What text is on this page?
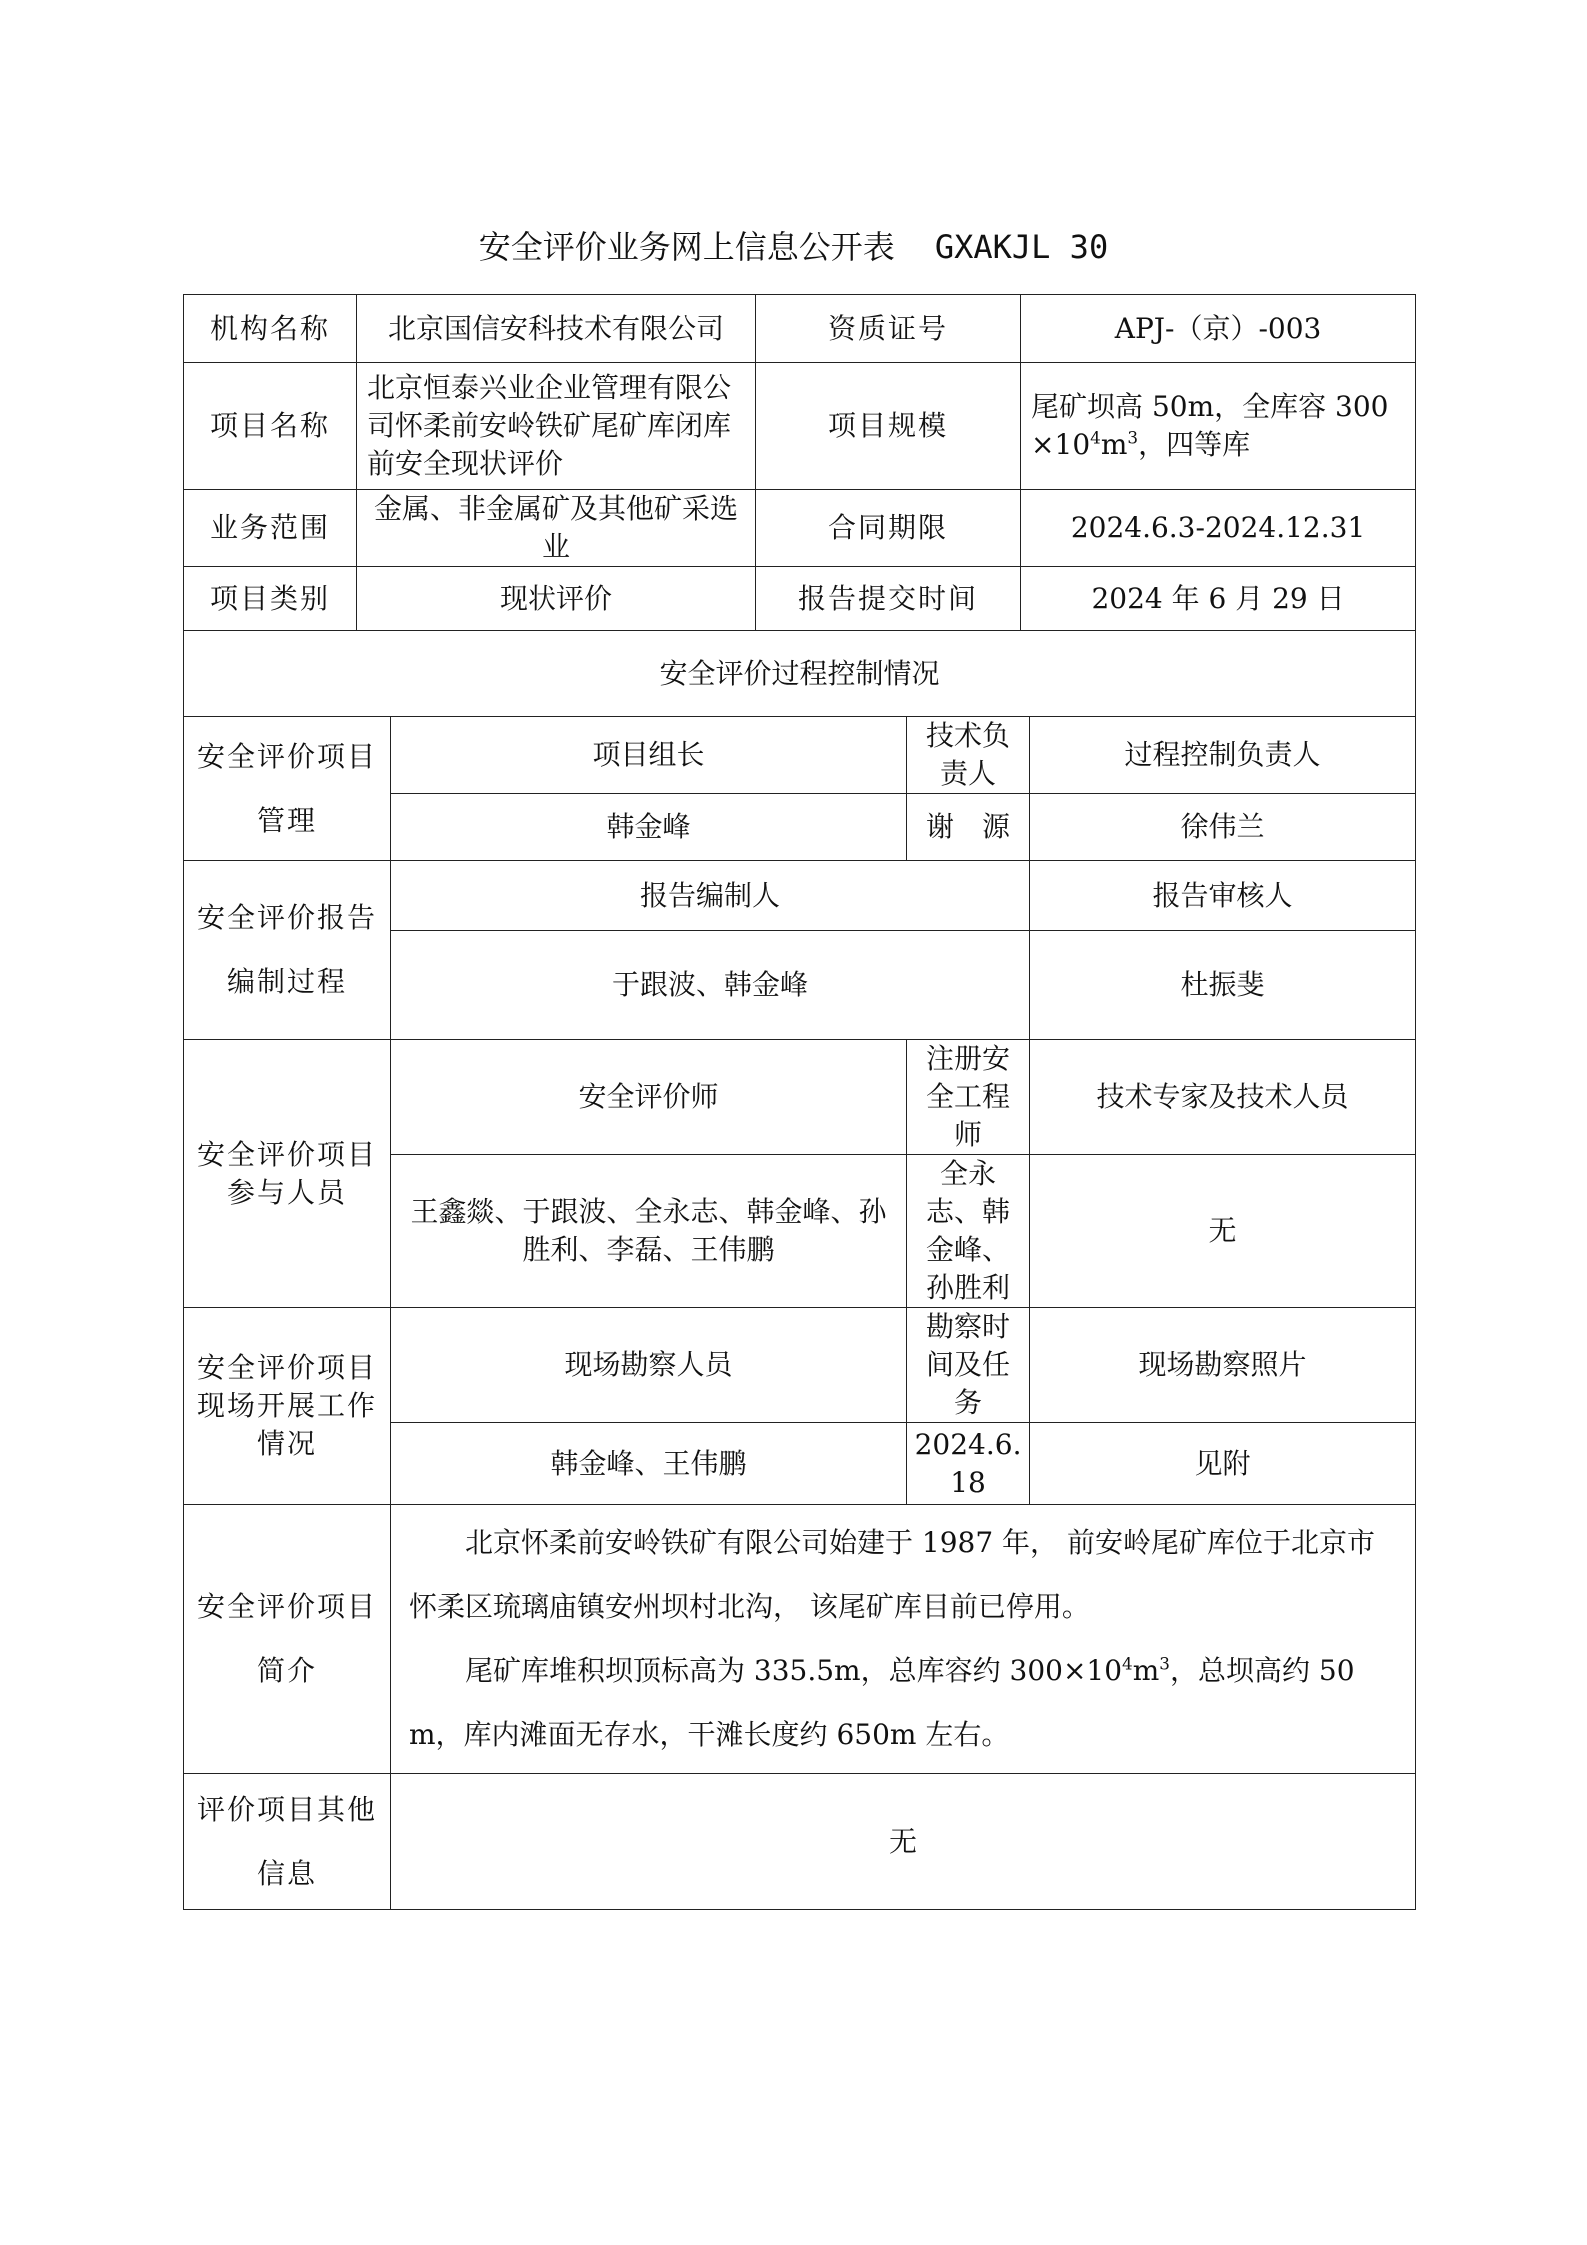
安全评价业务网上信息公开表 GXAKJL 30
机构名称	北京国信安科技术有限公司		资质证号		APJ-（京）-003	
项目名称	北京恒泰兴业企业管理有限公司怀柔前安岭铁矿尾矿库闭库前安全现状评价		项目规模		尾矿坝高 50m，全库容 $300\times 10^4m^3$，四等库	
业务范围	金属、非金属矿及其他矿采选业		合同期限		2024.6.3-2024.12.31	
项目类别	现状评价		报告提交时间		2024 年 6 月 29 日	
安全评价过程控制情况						
安全评价项目管理		项目组长		技术负责人		过程控制负责人
		韩金峰		谢　源		徐伟兰
安全评价报告编制过程		报告编制人				报告审核人
		于跟波、韩金峰				杜振斐
安全评价项目参与人员		安全评价师		注册安全工程师		技术专家及技术人员
		王鑫燚、于跟波、全永志、韩金峰、孙胜利、李磊、王伟鹏		全永志、韩金峰、孙胜利		无
安全评价项目现场开展工作情况		现场勘察人员		勘察时间及任务		现场勘察照片
		韩金峰、王伟鹏		2024.6.18		见附
安全评价项目简介		北京怀柔前安岭铁矿有限公司始建于 1987 年， 前安岭尾矿库位于北京市怀柔区琉璃庙镇安州坝村北沟， 该尾矿库目前已停用。

尾矿库堆积坝顶标高为 335.5m，总库容约 $300\times 10^4m^3$，总坝高约 50m，库内滩面无存水，干滩长度约 650m 左右。				

评价项目其他信息		无				
